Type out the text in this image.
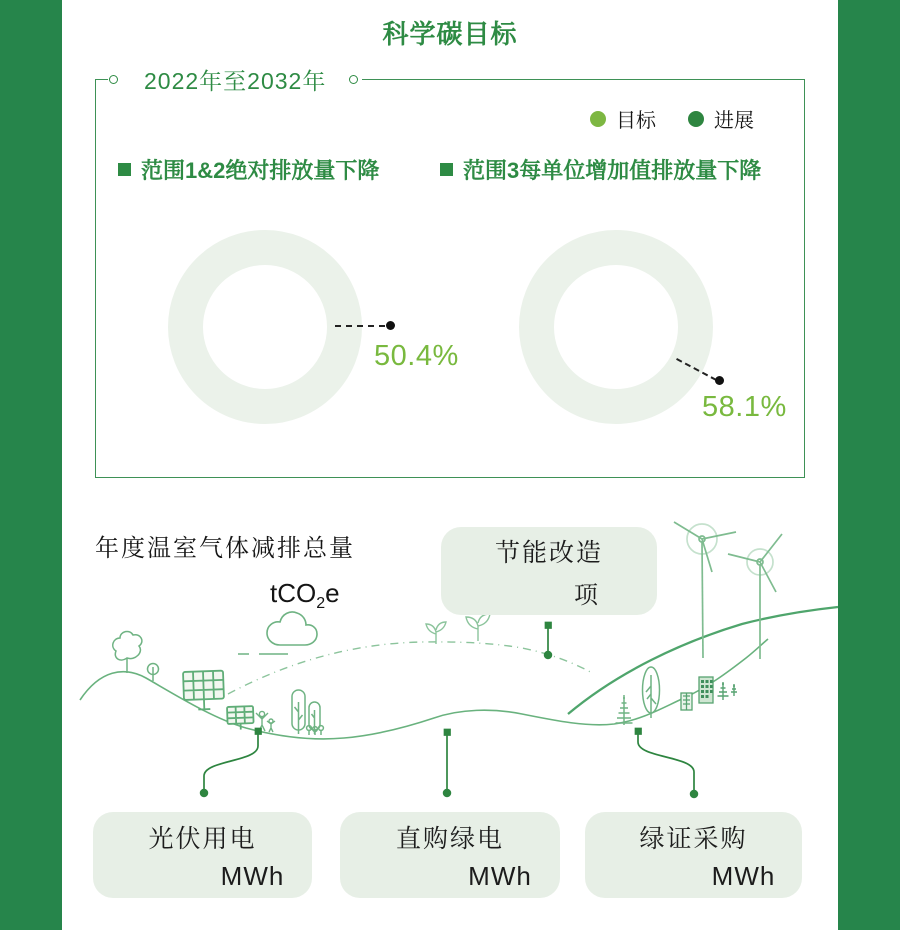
科学碳目标
2022年至2032年
目标	进展
范围1&2绝对排放量下降	范围3每单位增加值排放量下降
50.4%
58.1%
年度温室气体减排总量
tCO$_2$e
节能改造
项
光伏用电
MWh
直购绿电
MWh
绿证采购
MWh
